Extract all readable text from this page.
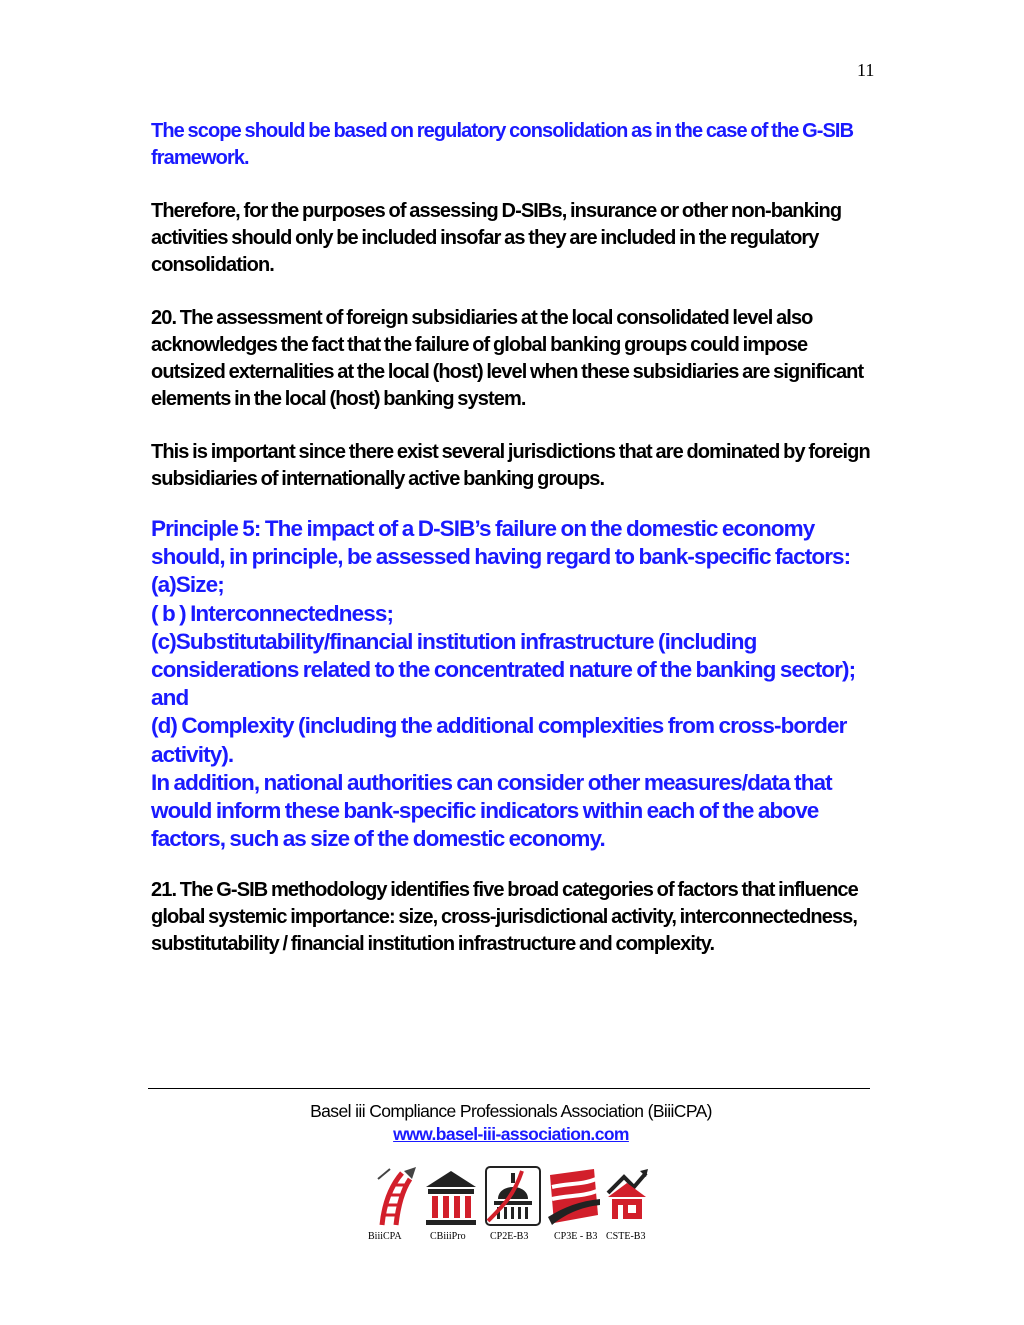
11

The scope should be based on regulatory consolidation as in the case of the G-SIB framework.

Therefore, for the purposes of assessing D-SIBs, insurance or other non-banking activities should only be included insofar as they are included in the regulatory consolidation.

20. The assessment of foreign subsidiaries at the local consolidated level also acknowledges the fact that the failure of global banking groups could impose outsized externalities at the local (host) level when these subsidiaries are significant elements in the local (host) banking system.

This is important since there exist several jurisdictions that are dominated by foreign subsidiaries of internationally active banking groups.

Principle 5: The impact of a D-SIB’s failure on the domestic economy should, in principle, be assessed having regard to bank-specific factors:
(a)Size;
( b ) Interconnectedness;
(c)Substitutability/financial institution infrastructure (including considerations related to the concentrated nature of the banking sector); and
(d) Complexity (including the additional complexities from cross-border activity).
In addition, national authorities can consider other measures/data that would inform these bank-specific indicators within each of the above factors, such as size of the domestic economy.

21. The G-SIB methodology identifies five broad categories of factors that influence global systemic importance: size, cross-jurisdictional activity, interconnectedness, substitutability / financial institution infrastructure and complexity.

Basel iii Compliance Professionals Association (BiiiCPA)
www.basel-iii-association.com
BiiiCPA	CBiiiPro CP2E-B3	CP3E - B3 CSTE-B3
